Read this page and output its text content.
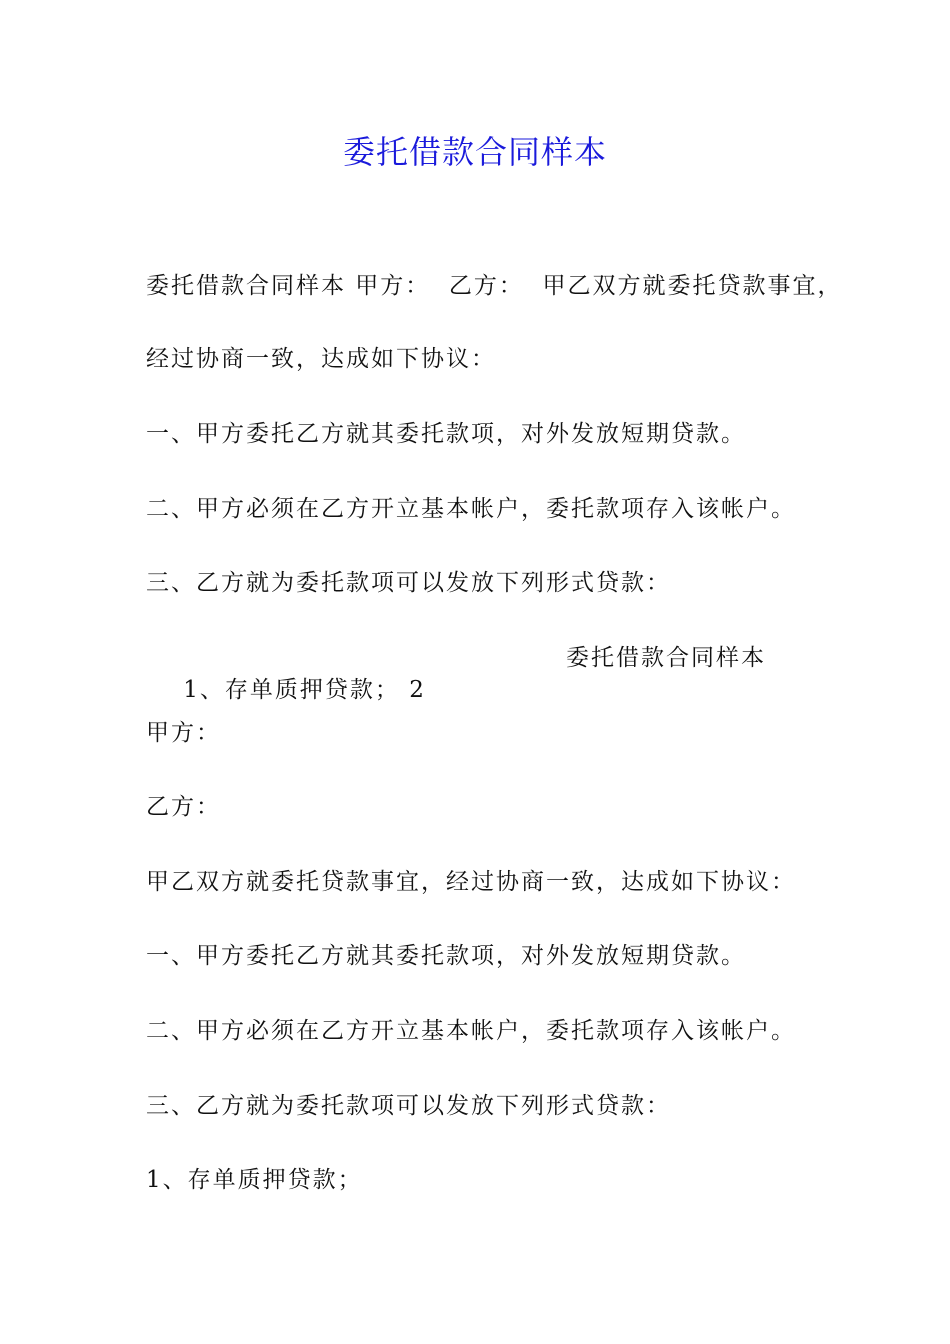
委托借款合同样本
委托借款合同样本 甲方：  乙方：  甲乙双方就委托贷款事宜，
经过协商一致，达成如下协议：
一、甲方委托乙方就其委托款项，对外发放短期贷款。
二、甲方必须在乙方开立基本帐户，委托款项存入该帐户。
三、乙方就为委托款项可以发放下列形式贷款：

1、存单质押贷款； 2

委托借款合同样本

甲方：
乙方：
甲乙双方就委托贷款事宜，经过协商一致，达成如下协议：
一、甲方委托乙方就其委托款项，对外发放短期贷款。
二、甲方必须在乙方开立基本帐户，委托款项存入该帐户。
三、乙方就为委托款项可以发放下列形式贷款：
1、存单质押贷款；
